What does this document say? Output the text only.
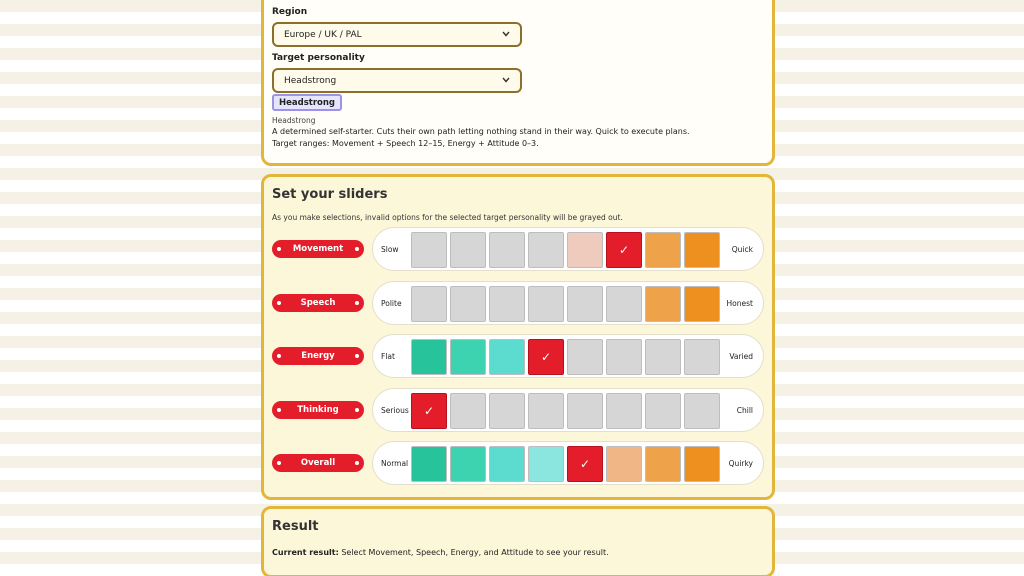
Region
Europe / UK / PAL
Target personality
Headstrong
Headstrong
Headstrong
A determined self-starter. Cuts their own path letting nothing stand in their way. Quick to execute plans.
Target ranges: Movement + Speech 12–15, Energy + Attitude 0–3.
Set your sliders
As you make selections, invalid options for the selected target personality will be grayed out.
Movement	Slow	✓	Quick
Speech	Polite	Honest
Energy	Flat	✓	Varied
Thinking	Serious ✓	Chill
Overall	Normal	✓	Quirky
Result
Current result: Select Movement, Speech, Energy, and Attitude to see your result.
